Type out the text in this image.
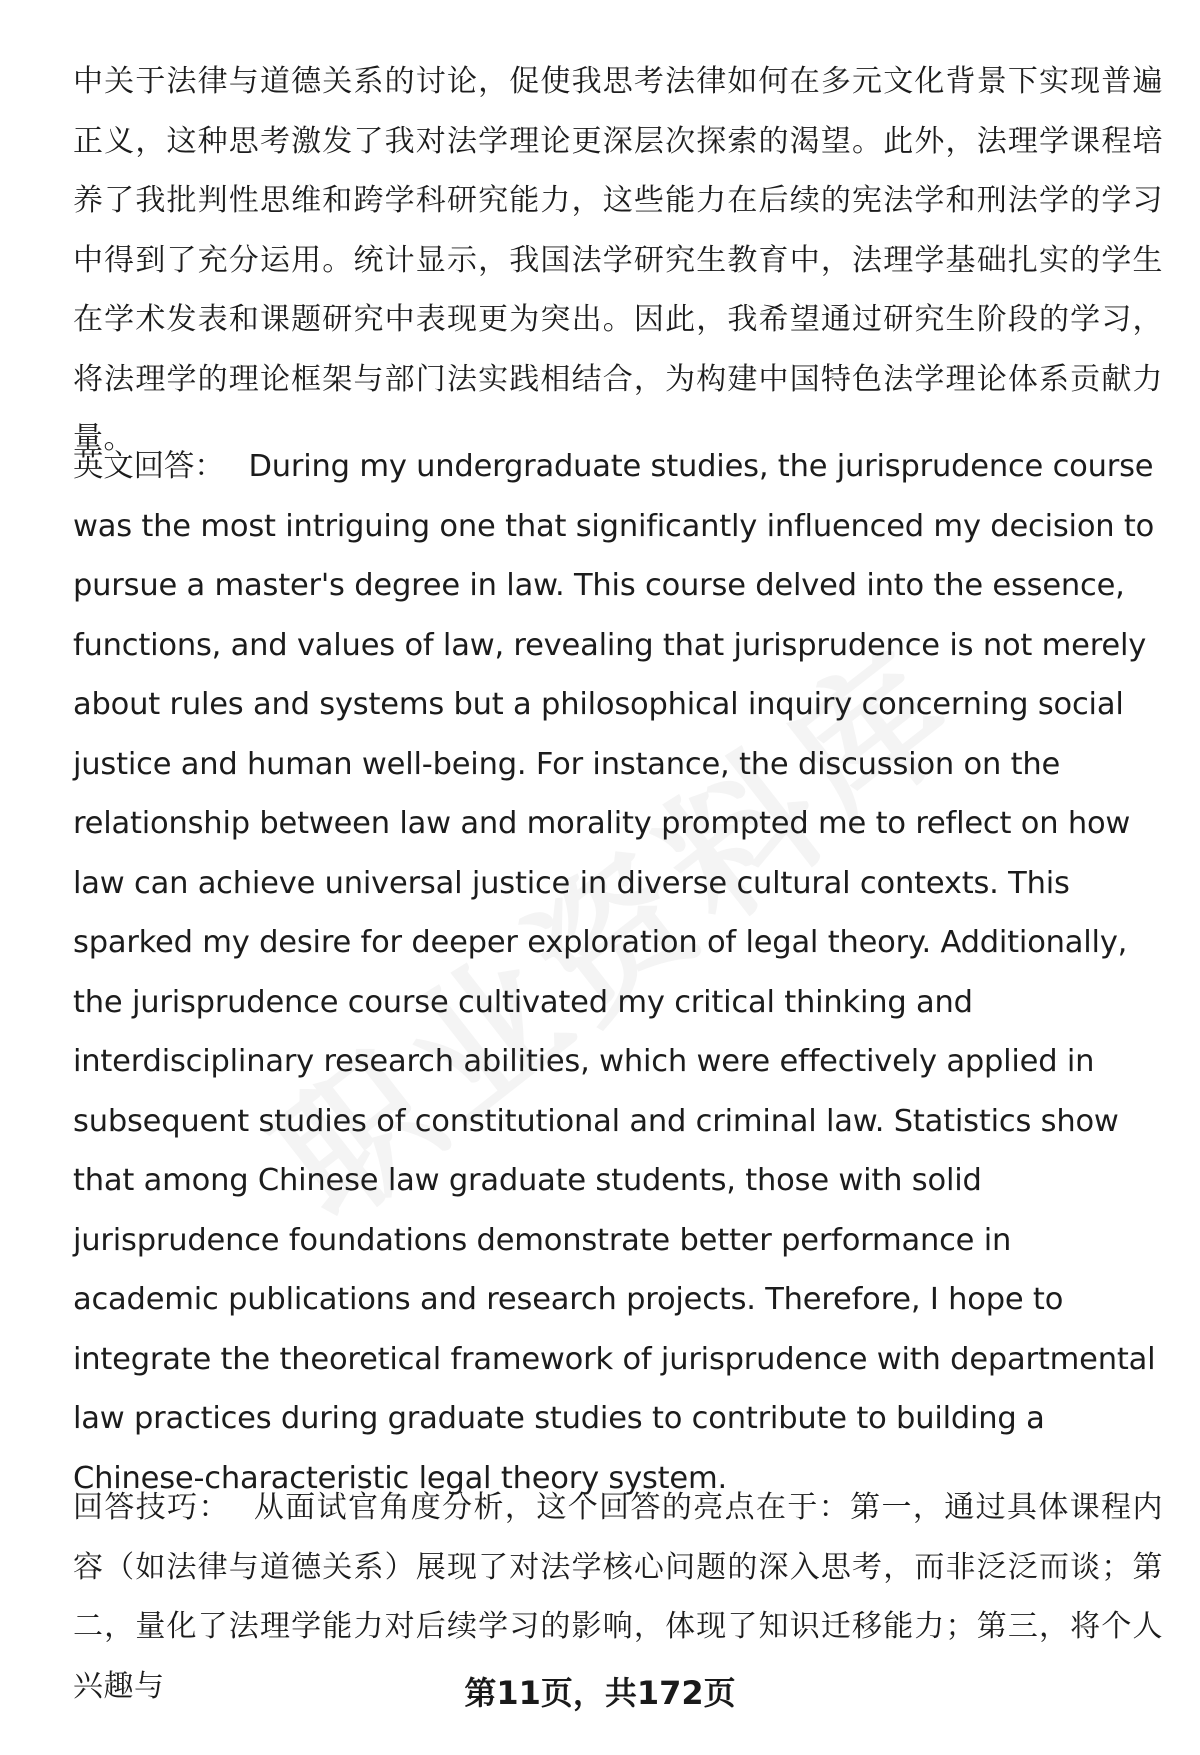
中关于法律与道德关系的讨论，促使我思考法律如何在多元文化背景下实现普遍正义，这种思考激发了我对法学理论更深层次探索的渴望。此外，法理学课程培养了我批判性思维和跨学科研究能力，这些能力在后续的宪法学和刑法学的学习中得到了充分运用。统计显示，我国法学研究生教育中，法理学基础扎实的学生在学术发表和课题研究中表现更为突出。因此，我希望通过研究生阶段的学习，将法理学的理论框架与部门法实践相结合，为构建中国特色法学理论体系贡献力量。

英文回答： During my undergraduate studies, the jurisprudence course was the most intriguing one that significantly influenced my decision to pursue a master's degree in law. This course delved into the essence, functions, and values of law, revealing that jurisprudence is not merely about rules and systems but a philosophical inquiry concerning social justice and human well-being. For instance, the discussion on the relationship between law and morality prompted me to reflect on how law can achieve universal justice in diverse cultural contexts. This sparked my desire for deeper exploration of legal theory. Additionally, the jurisprudence course cultivated my critical thinking and interdisciplinary research abilities, which were effectively applied in subsequent studies of constitutional and criminal law. Statistics show that among Chinese law graduate students, those with solid jurisprudence foundations demonstrate better performance in academic publications and research projects. Therefore, I hope to integrate the theoretical framework of jurisprudence with departmental law practices during graduate studies to contribute to building a Chinese-characteristic legal theory system.

回答技巧： 从面试官角度分析，这个回答的亮点在于：第一，通过具体课程内容（如法律与道德关系）展现了对法学核心问题的深入思考，而非泛泛而谈；第二，量化了法理学能力对后续学习的影响，体现了知识迁移能力；第三，将个人兴趣与	第11页，共172页
